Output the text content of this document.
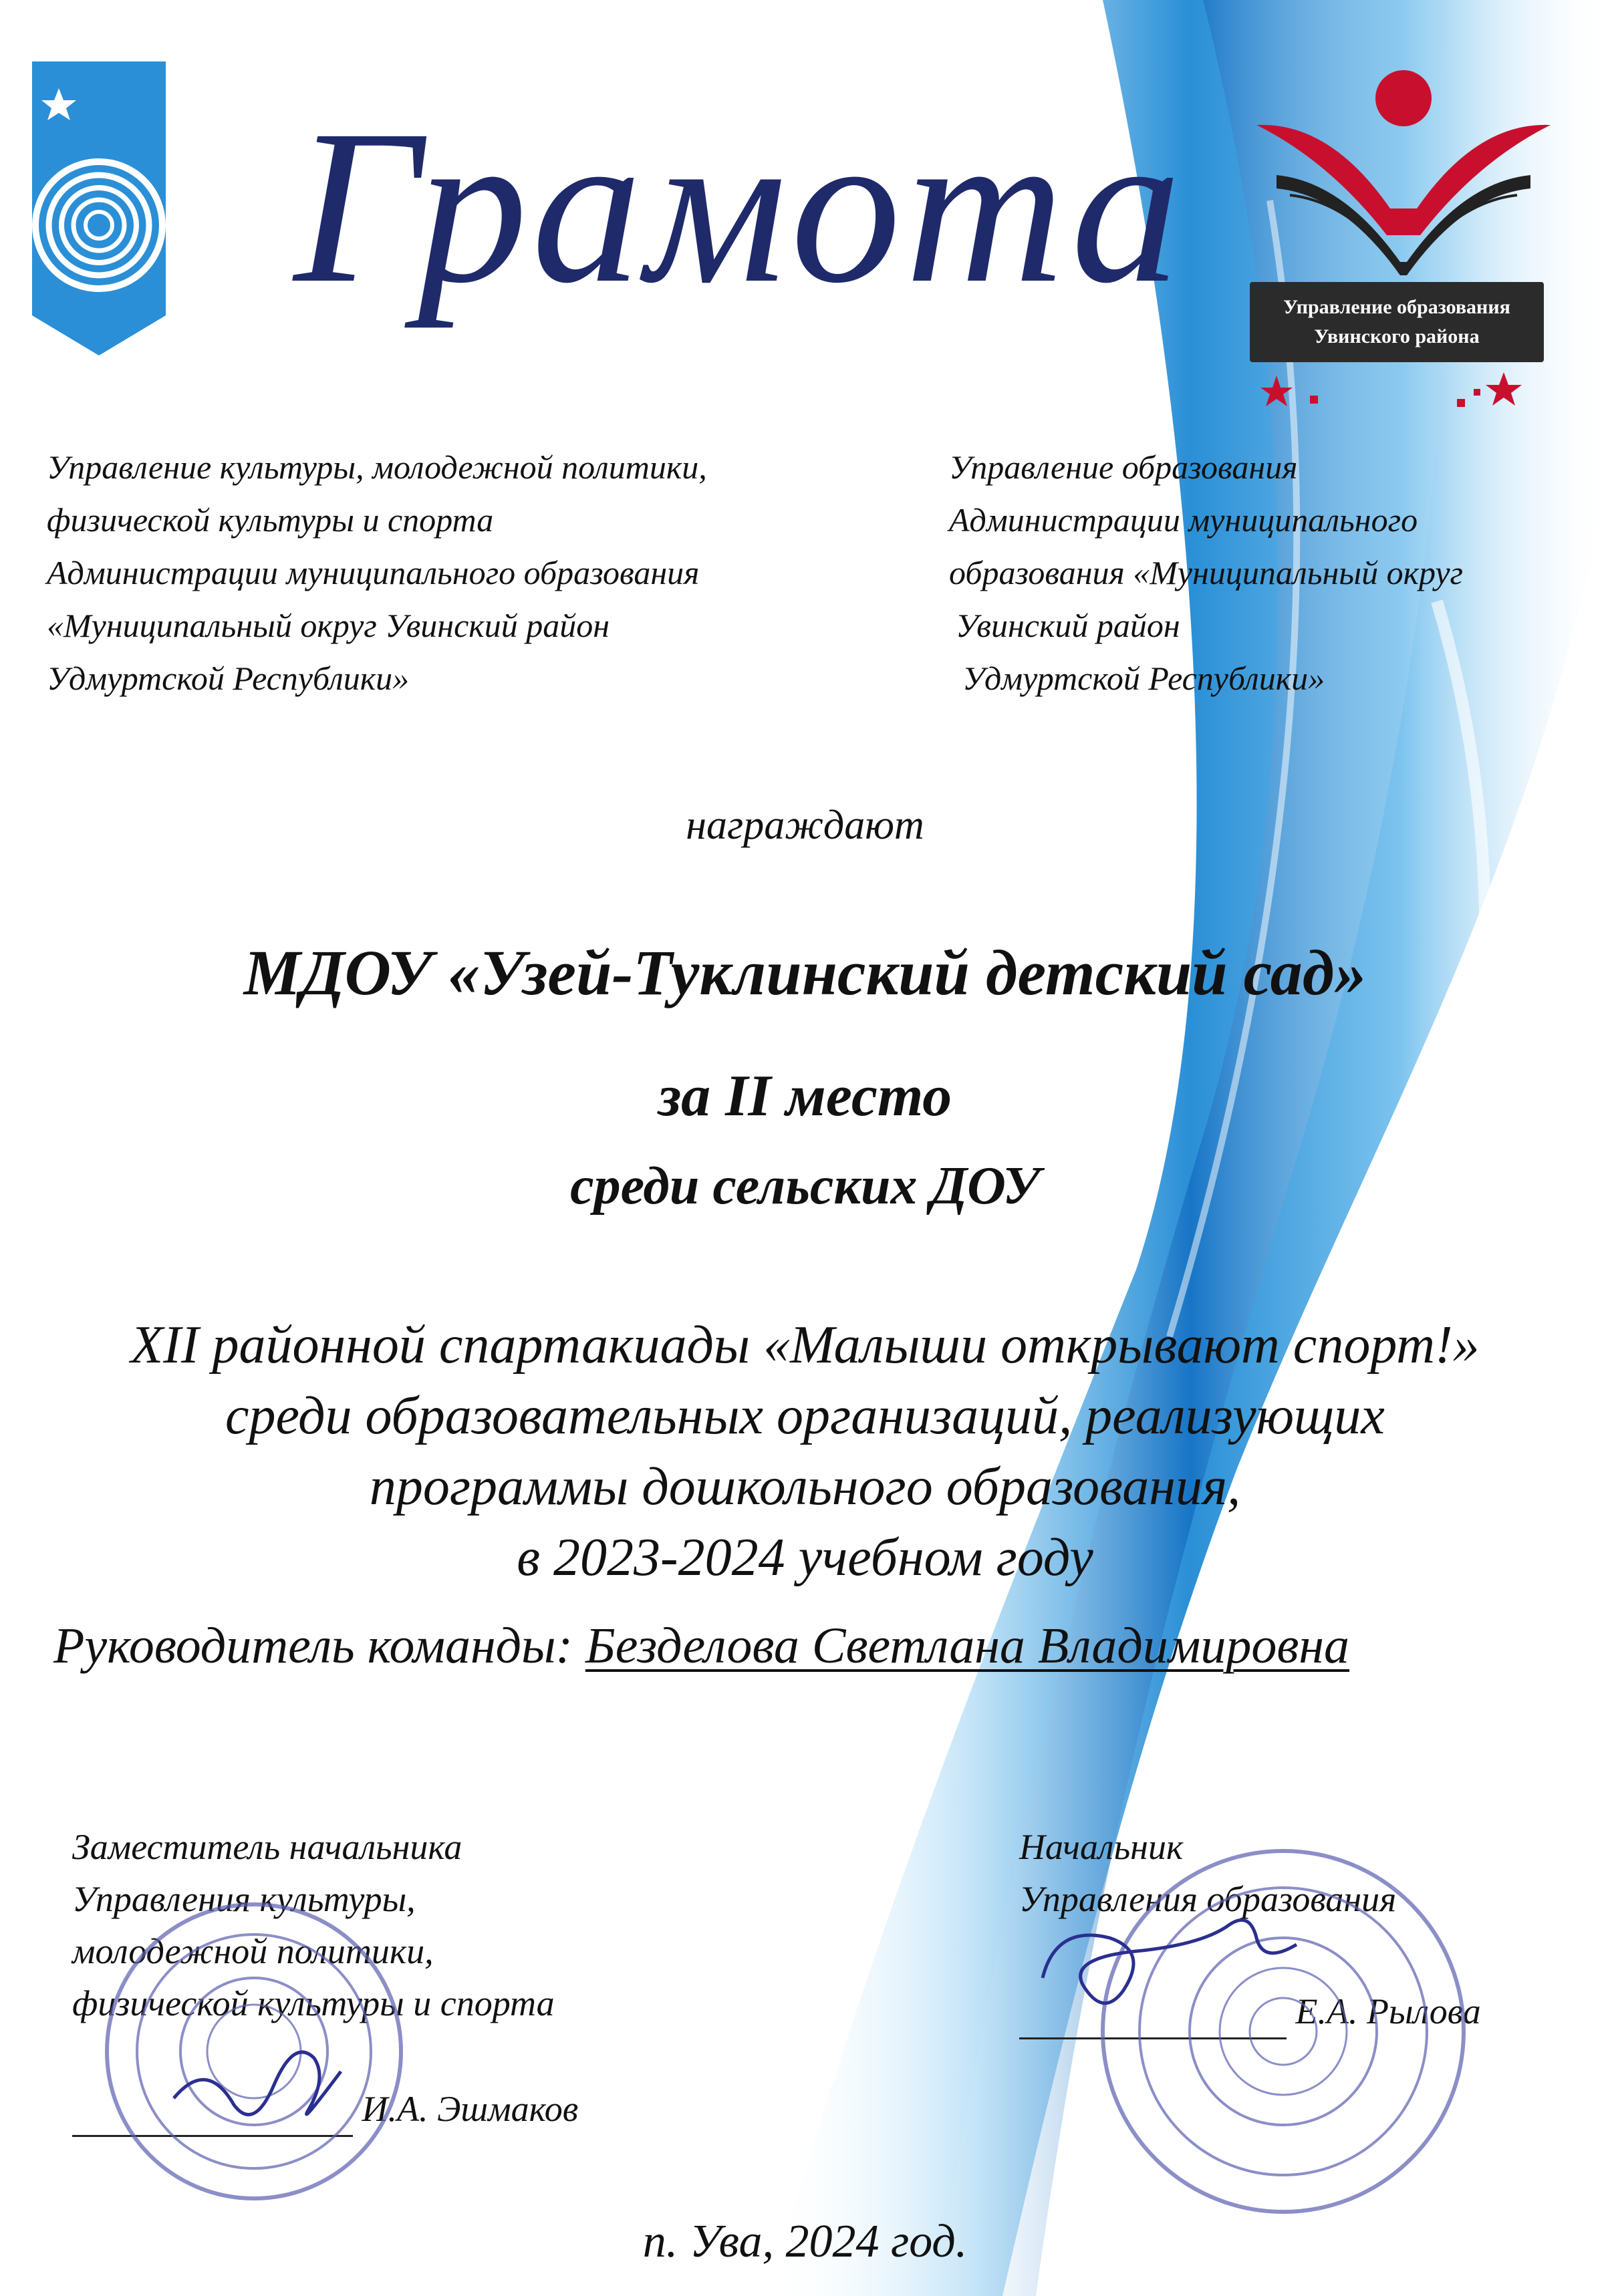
Грамота	Управление образования
Увинского района
Управление культуры, молодежной политики,
физической культуры и спорта
Администрации муниципального образования
«Муниципальный округ Увинский район
Удмуртской Республики»
Управление образования
Администрации муниципального
образования «Муниципальный округ
Увинский район
Удмуртской Республики»
награждают
МДОУ «Узей-Туклинский детский сад»
за II место
среди сельских ДОУ
XII районной спартакиады «Малыши открывают спорт!»
среди образовательных организаций, реализующих
программы дошкольного образования,
в 2023-2024 учебном году
Руководитель команды: Безделова Светлана Владимировна
Заместитель начальника
Управления культуры,
молодежной политики,
физической культуры и спорта
И.А. Эшмаков
Начальник
Управления образования
Е.А. Рылова
п. Ува, 2024 год.
